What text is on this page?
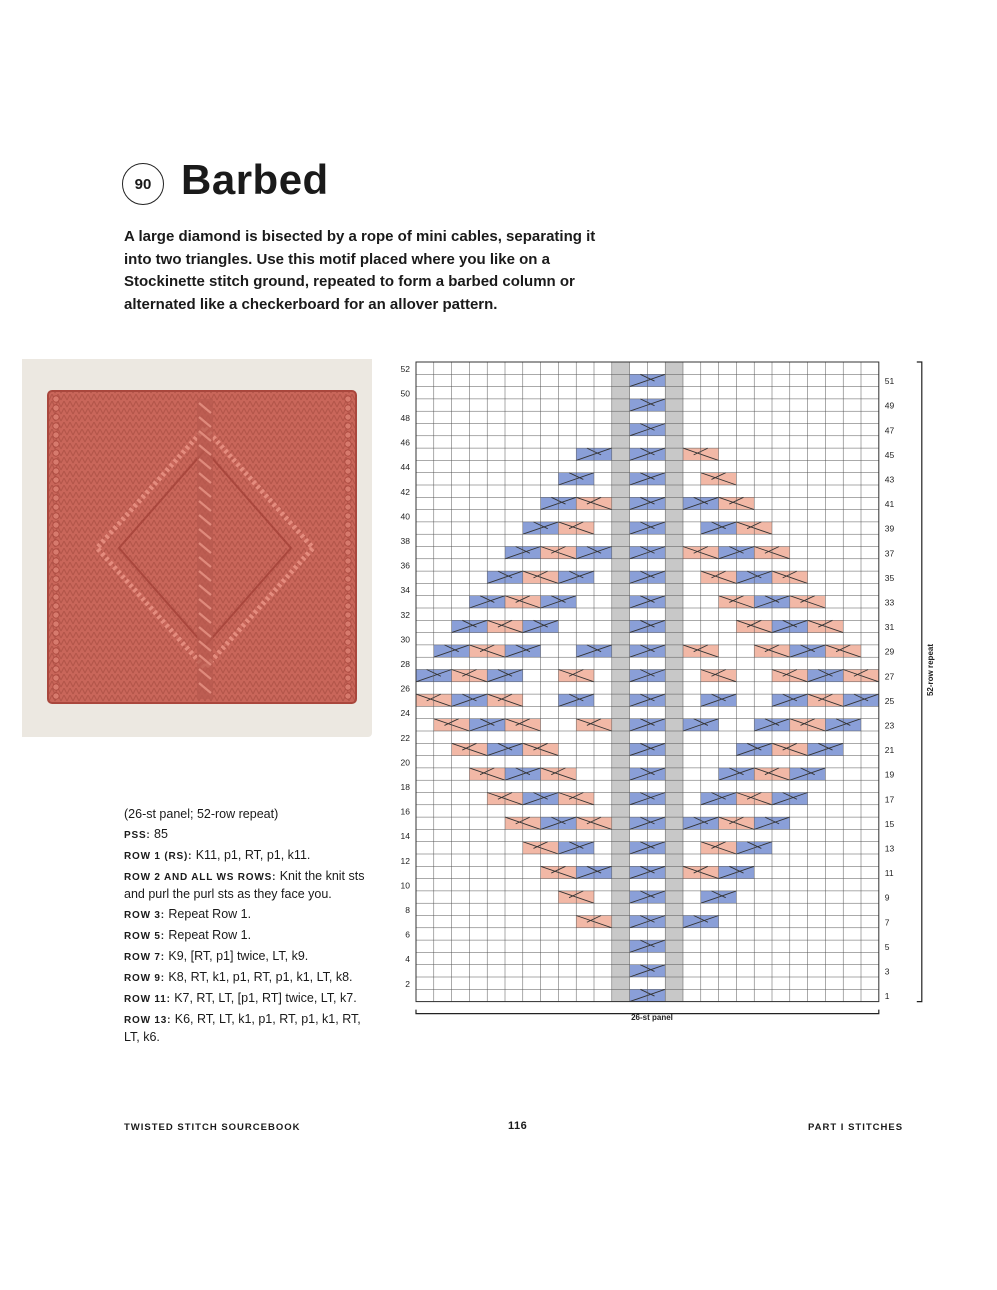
90 Barbed

A large diamond is bisected by a rope of mini cables, separating it into two triangles. Use this motif placed where you like on a Stockinette stitch ground, repeated to form a barbed column or alternated like a checkerboard for an allover pattern.

(26-st panel; 52-row repeat)
PSS: 85
ROW 1 (RS): K11, p1, RT, p1, k11.
ROW 2 AND ALL WS ROWS: Knit the knit sts and purl the purl sts as they face you.
ROW 3: Repeat Row 1.
ROW 5: Repeat Row 1.
ROW 7: K9, [RT, p1] twice, LT, k9.
ROW 9: K8, RT, k1, p1, RT, p1, k1, LT, k8.
ROW 11: K7, RT, LT, [p1, RT] twice, LT, k7.
ROW 13: K6, RT, LT, k1, p1, RT, p1, k1, RT, LT, k6.
26-st panel
52-row repeat
52
50
48
46
44
42
40
38
36
34
32
30
28
26
24
22
20
18
16
14
12
10
8
6
4
2
51
49
47
45
43
41
39
37
35
33
31
29
27
25
23
21
19
17
15
13
11
9
7
5
3
1

TWISTED STITCH SOURCEBOOK	116	PART I STITCHES
